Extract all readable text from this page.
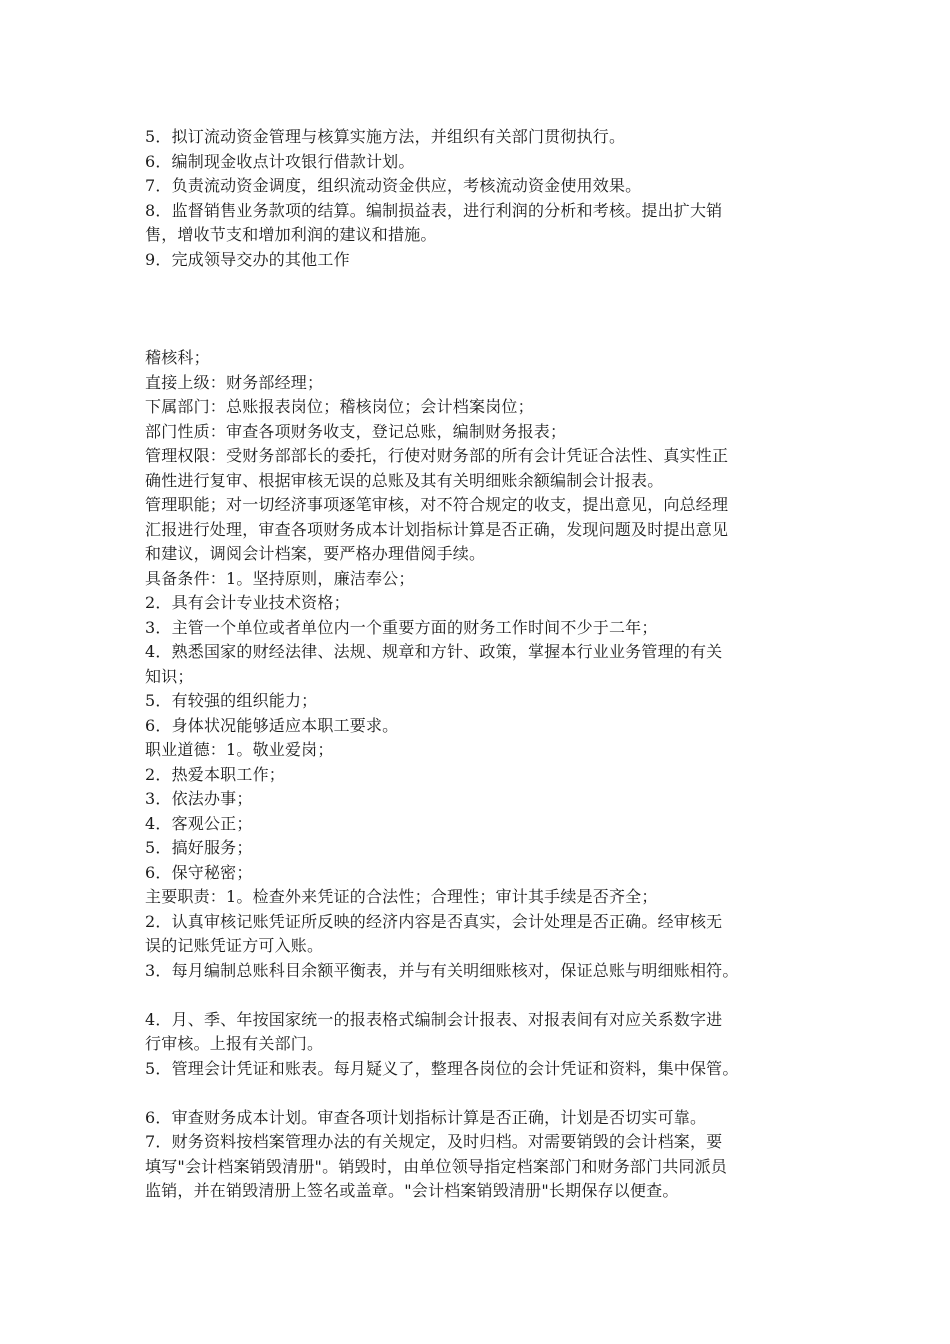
5．拟订流动资金管理与核算实施方法，并组织有关部门贯彻执行。
6．编制现金收点计攻银行借款计划。
7．负责流动资金调度，组织流动资金供应，考核流动资金使用效果。
8．监督销售业务款项的结算。编制损益表，进行利润的分析和考核。提出扩大销
售，增收节支和增加利润的建议和措施。
9．完成领导交办的其他工作
稽核科；
直接上级：财务部经理；
下属部门：总账报表岗位；稽核岗位；会计档案岗位；
部门性质：审查各项财务收支，登记总账，编制财务报表；
管理权限：受财务部部长的委托，行使对财务部的所有会计凭证合法性、真实性正
确性进行复审、根据审核无误的总账及其有关明细账余额编制会计报表。
管理职能；对一切经济事项逐笔审核，对不符合规定的收支，提出意见，向总经理
汇报进行处理，审查各项财务成本计划指标计算是否正确，发现问题及时提出意见
和建议，调阅会计档案，要严格办理借阅手续。
具备条件：1。坚持原则，廉洁奉公；
2．具有会计专业技术资格；
3．主管一个单位或者单位内一个重要方面的财务工作时间不少于二年；
4．熟悉国家的财经法律、法规、规章和方针、政策，掌握本行业业务管理的有关
知识；
5．有较强的组织能力；
6．身体状况能够适应本职工要求。
职业道德：1。敬业爱岗；
2．热爱本职工作；
3．依法办事；
4．客观公正；
5．搞好服务；
6．保守秘密；
主要职责：1。检查外来凭证的合法性；合理性；审计其手续是否齐全；
2．认真审核记账凭证所反映的经济内容是否真实，会计处理是否正确。经审核无
误的记账凭证方可入账。
3．每月编制总账科目余额平衡表，并与有关明细账核对，保证总账与明细账相符。
4．月、季、年按国家统一的报表格式编制会计报表、对报表间有对应关系数字进
行审核。上报有关部门。
5．管理会计凭证和账表。每月疑义了，整理各岗位的会计凭证和资料，集中保管。
6．审查财务成本计划。审查各项计划指标计算是否正确，计划是否切实可靠。
7．财务资料按档案管理办法的有关规定，及时归档。对需要销毁的会计档案，要
填写"会计档案销毁清册"。销毁时，由单位领导指定档案部门和财务部门共同派员
监销，并在销毁清册上签名或盖章。"会计档案销毁清册"长期保存以便查。
